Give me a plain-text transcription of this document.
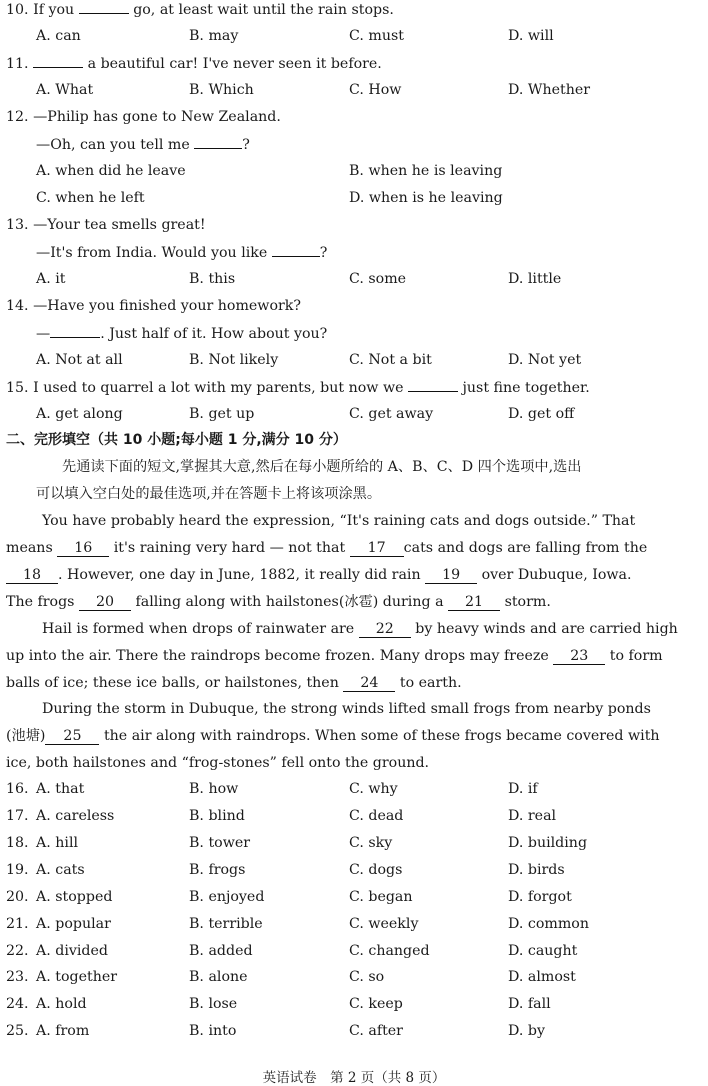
10. If you	go, at least wait until the rain stops.
A. can	B. may	C. must	D. will
11.	a beautiful car! I've never seen it before.
A. What	B. Which	C. How	D. Whether
12. —Philip has gone to New Zealand.
—Oh, can you tell me	?
A. when did he leave	B. when he is leaving
C. when he left	D. when is he leaving
13. —Your tea smells great!
—It's from India. Would you like	?
A. it	B. this	C. some	D. little
14. —Have you finished your homework?
—	. Just half of it. How about you?
A. Not at all	B. Not likely	C. Not a bit	D. Not yet
15. I used to quarrel a lot with my parents, but now we	just fine together.
A. get along	B. get up	C. get away	D. get off
二、完形填空（共 10 小题;每小题 1 分,满分 10 分）
先通读下面的短文,掌握其大意,然后在每小题所给的 A、B、C、D 四个选项中,选出
可以填入空白处的最佳选项,并在答题卡上将该项涂黑。
You have probably heard the expression, “It's raining cats and dogs outside.” That
means 16 it's raining very hard — not that 17 cats and dogs are falling from the
18 . However, one day in June, 1882, it really did rain 19 over Dubuque, Iowa.
The frogs 20 falling along with hailstones(冰雹) during a 21 storm.
Hail is formed when drops of rainwater are 22 by heavy winds and are carried high
up into the air. There the raindrops become frozen. Many drops may freeze 23 to form
balls of ice; these ice balls, or hailstones, then 24 to earth.
During the storm in Dubuque, the strong winds lifted small frogs from nearby ponds
(池塘) 25 the air along with raindrops. When some of these frogs became covered with
ice, both hailstones and “frog-stones” fell onto the ground.
16. A. that	B. how	C. why	D. if
17. A. careless	B. blind	C. dead	D. real
18. A. hill	B. tower	C. sky	D. building
19. A. cats	B. frogs	C. dogs	D. birds
20. A. stopped	B. enjoyed	C. began	D. forgot
21. A. popular	B. terrible	C. weekly	D. common
22. A. divided	B. added	C. changed	D. caught
23. A. together	B. alone	C. so	D. almost
24. A. hold	B. lose	C. keep	D. fall
25. A. from	B. into	C. after	D. by
英语试卷　第 2 页（共 8 页）
